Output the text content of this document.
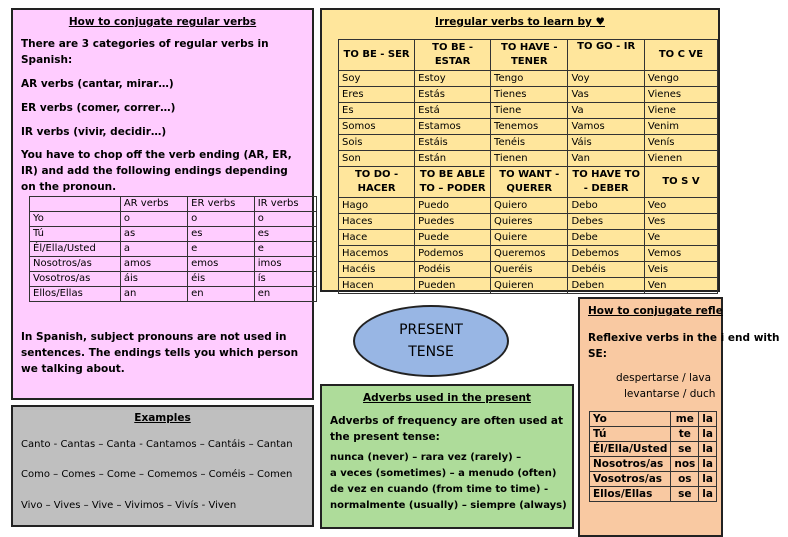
How to conjugate regular verbs

There are 3 categories of regular verbs in Spanish:

AR verbs (cantar, mirar…)

ER verbs (comer, correr…)

IR verbs (vivir, decidir…)

You have to chop off the verb ending (AR, ER, IR) and add the following endings depending on the pronoun.

	AR verbs	ER verbs	IR verbs
Yo	o	o	o
Tú	as	es	es
Él/Ella/Usted	a	e	e
Nosotros/as	amos	emos	imos
Vosotros/as	áis	éis	ís
Ellos/Ellas	an	en	en

In Spanish, subject pronouns are not used in sentences. The endings tells you which person we talking about.

Examples
Canto - Cantas – Canta - Cantamos – Cantáis – Cantan
Como – Comes – Come – Comemos – Coméis – Comen
Vivo – Vives – Vive – Vivimos – Vivís - Viven
Irregular verbs to learn by ♥
TO BE - SER	TO BE - ESTAR	TO HAVE - TENER	TO GO - IR	TO C VE
Soy	Estoy	Tengo	Voy	Vengo
Eres	Estás	Tienes	Vas	Vienes
Es	Está	Tiene	Va	Viene
Somos	Estamos	Tenemos	Vamos	Venim
Sois	Estáis	Tenéis	Váis	Venís
Son	Están	Tienen	Van	Vienen
TO DO - HACER	TO BE ABLE TO – PODER	TO WANT - QUERER	TO HAVE TO - DEBER	TO S V
Hago	Puedo	Quiero	Debo	Veo
Haces	Puedes	Quieres	Debes	Ves
Hace	Puede	Quiere	Debe	Ve
Hacemos	Podemos	Queremos	Debemos	Vemos
Hacéis	Podéis	Queréis	Debéis	Veis
Hacen	Pueden	Quieren	Deben	Ven
PRESENT
TENSE
Adverbs used in the present

Adverbs of frequency are often used at the present tense:

nunca (never) – rara vez (rarely) –

a veces (sometimes) – a menudo (often)

de vez en cuando (from time to time) -

normalmente (usually) – siempre (always)

How to conjugate refle

Reflexive verbs in the i end with SE:

despertarse / lava
levantarse / duch
Yo	me	la
Tú	te	la
Él/Ella/Usted	se	la
Nosotros/as	nos	la
Vosotros/as	os	la
Ellos/Ellas	se	la
